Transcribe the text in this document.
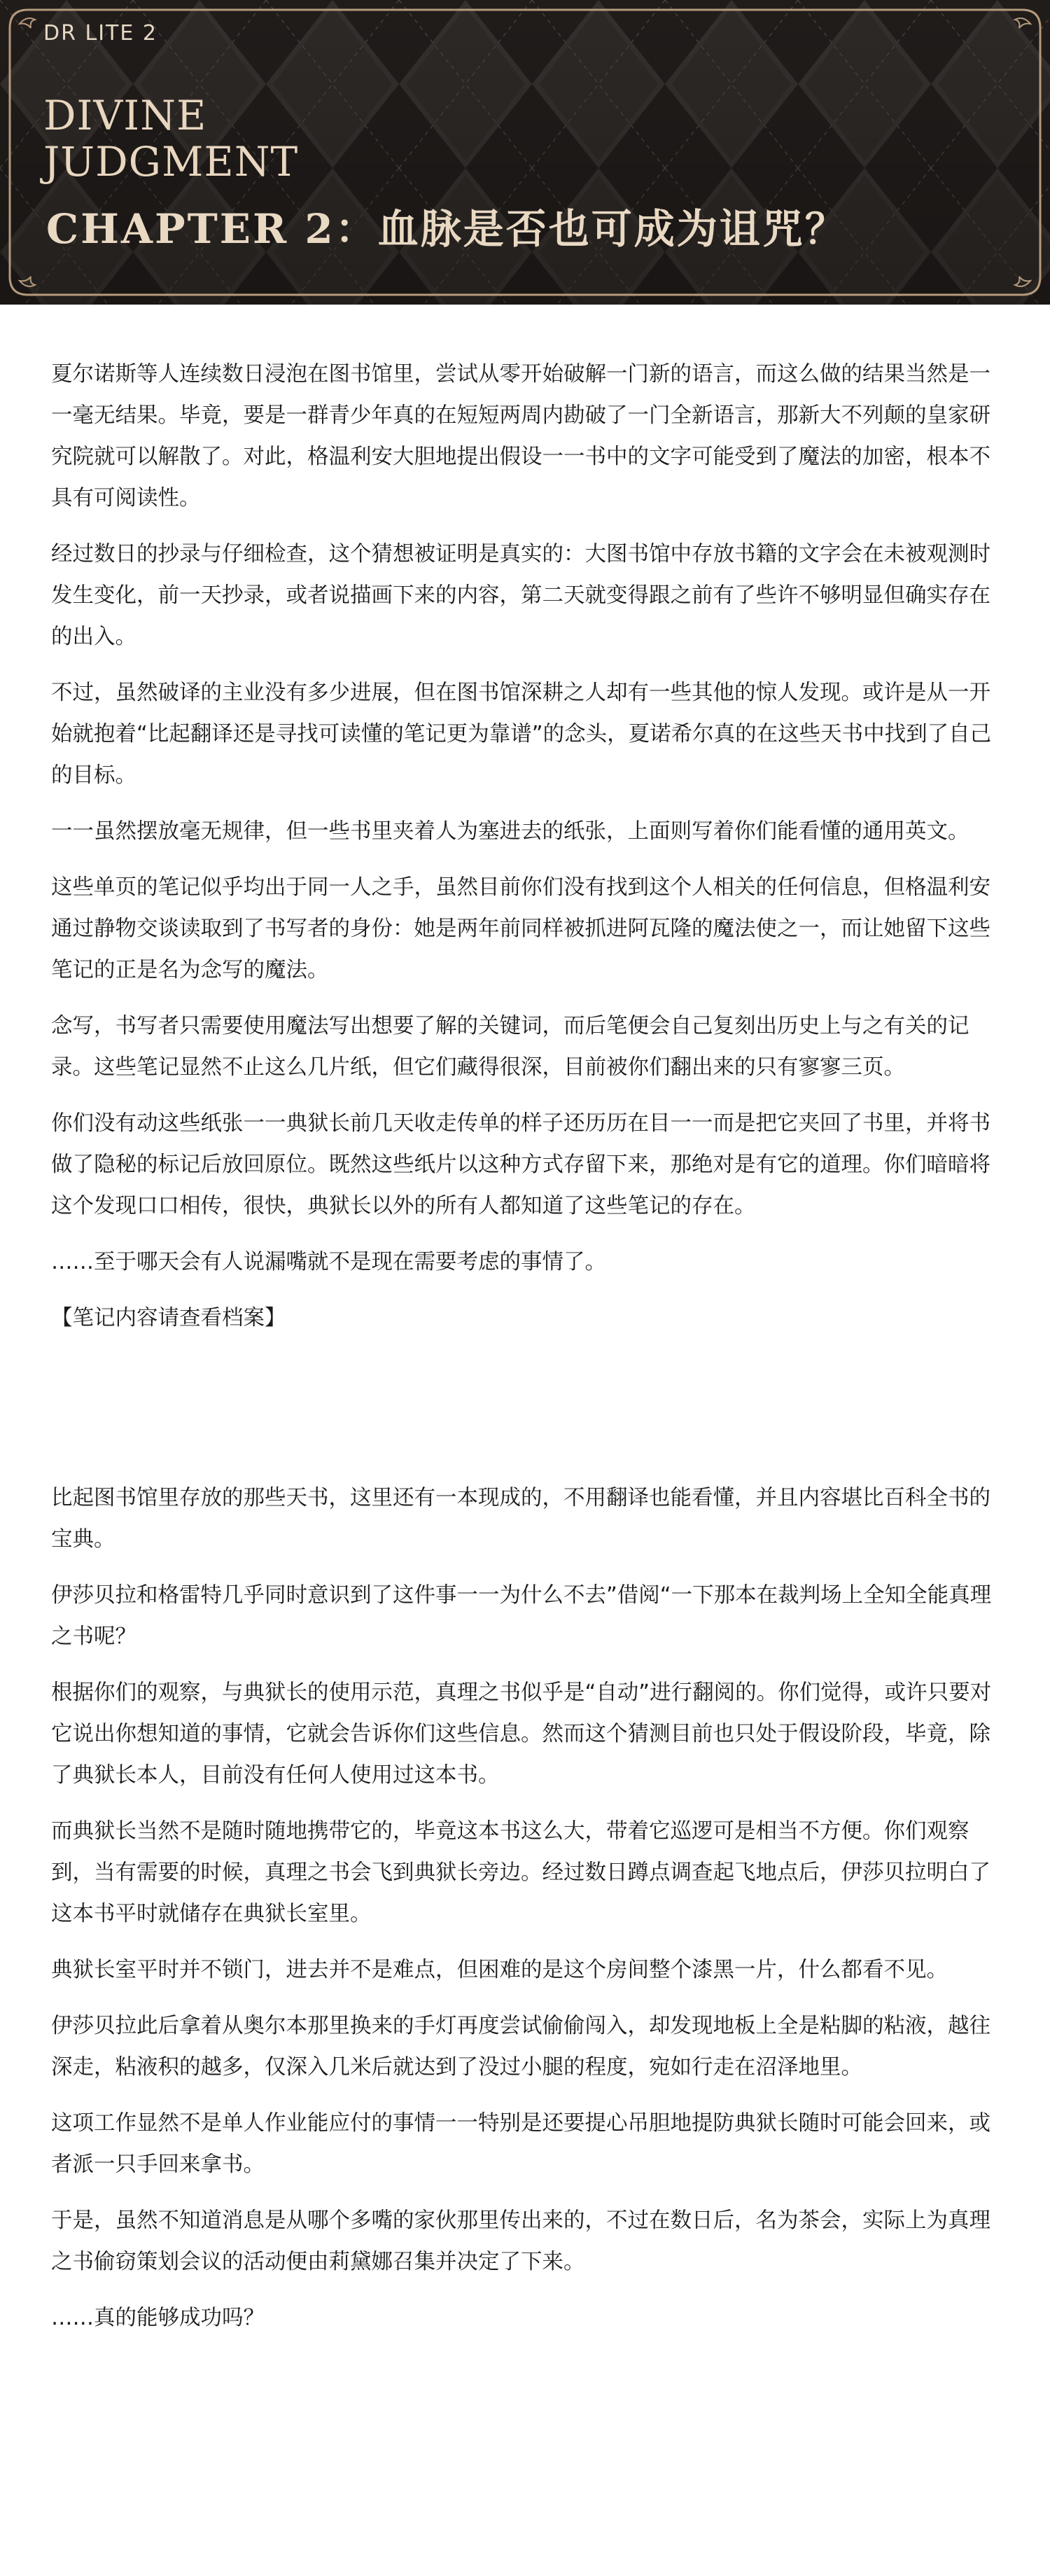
DR LITE 2
DIVINE
JUDGMENT
CHAPTER 2：血脉是否也可成为诅咒？

夏尔诺斯等人连续数日浸泡在图书馆里，尝试从零开始破解一门新的语言，而这么做的结果当然是一一毫无结果。毕竟，要是一群青少年真的在短短两周内勘破了一门全新语言，那新大不列颠的皇家研究院就可以解散了。对此，格温利安大胆地提出假设一一书中的文字可能受到了魔法的加密，根本不具有可阅读性。

经过数日的抄录与仔细检查，这个猜想被证明是真实的：大图书馆中存放书籍的文字会在未被观测时发生变化，前一天抄录，或者说描画下来的内容，第二天就变得跟之前有了些许不够明显但确实存在的出入。

不过，虽然破译的主业没有多少进展，但在图书馆深耕之人却有一些其他的惊人发现。或许是从一开始就抱着“比起翻译还是寻找可读懂的笔记更为靠谱”的念头，夏诺希尔真的在这些天书中找到了自己的目标。

一一虽然摆放毫无规律，但一些书里夹着人为塞进去的纸张，上面则写着你们能看懂的通用英文。

这些单页的笔记似乎均出于同一人之手，虽然目前你们没有找到这个人相关的任何信息，但格温利安通过静物交谈读取到了书写者的身份：她是两年前同样被抓进阿瓦隆的魔法使之一，而让她留下这些笔记的正是名为念写的魔法。

念写，书写者只需要使用魔法写出想要了解的关键词，而后笔便会自己复刻出历史上与之有关的记录。这些笔记显然不止这么几片纸，但它们藏得很深，目前被你们翻出来的只有寥寥三页。

你们没有动这些纸张一一典狱长前几天收走传单的样子还历历在目一一而是把它夹回了书里，并将书做了隐秘的标记后放回原位。既然这些纸片以这种方式存留下来，那绝对是有它的道理。你们暗暗将这个发现口口相传，很快，典狱长以外的所有人都知道了这些笔记的存在。

……至于哪天会有人说漏嘴就不是现在需要考虑的事情了。

【笔记内容请查看档案】

比起图书馆里存放的那些天书，这里还有一本现成的，不用翻译也能看懂，并且内容堪比百科全书的宝典。

伊莎贝拉和格雷特几乎同时意识到了这件事一一为什么不去”借阅“一下那本在裁判场上全知全能真理之书呢？

根据你们的观察，与典狱长的使用示范，真理之书似乎是“自动”进行翻阅的。你们觉得，或许只要对它说出你想知道的事情，它就会告诉你们这些信息。然而这个猜测目前也只处于假设阶段，毕竟，除了典狱长本人，目前没有任何人使用过这本书。

而典狱长当然不是随时随地携带它的，毕竟这本书这么大，带着它巡逻可是相当不方便。你们观察到，当有需要的时候，真理之书会飞到典狱长旁边。经过数日蹲点调查起飞地点后，伊莎贝拉明白了这本书平时就储存在典狱长室里。

典狱长室平时并不锁门，进去并不是难点，但困难的是这个房间整个漆黑一片，什么都看不见。

伊莎贝拉此后拿着从奥尔本那里换来的手灯再度尝试偷偷闯入，却发现地板上全是粘脚的粘液，越往深走，粘液积的越多，仅深入几米后就达到了没过小腿的程度，宛如行走在沼泽地里。

这项工作显然不是单人作业能应付的事情一一特别是还要提心吊胆地提防典狱长随时可能会回来，或者派一只手回来拿书。

于是，虽然不知道消息是从哪个多嘴的家伙那里传出来的，不过在数日后，名为茶会，实际上为真理之书偷窃策划会议的活动便由莉黛娜召集并决定了下来。

……真的能够成功吗？
